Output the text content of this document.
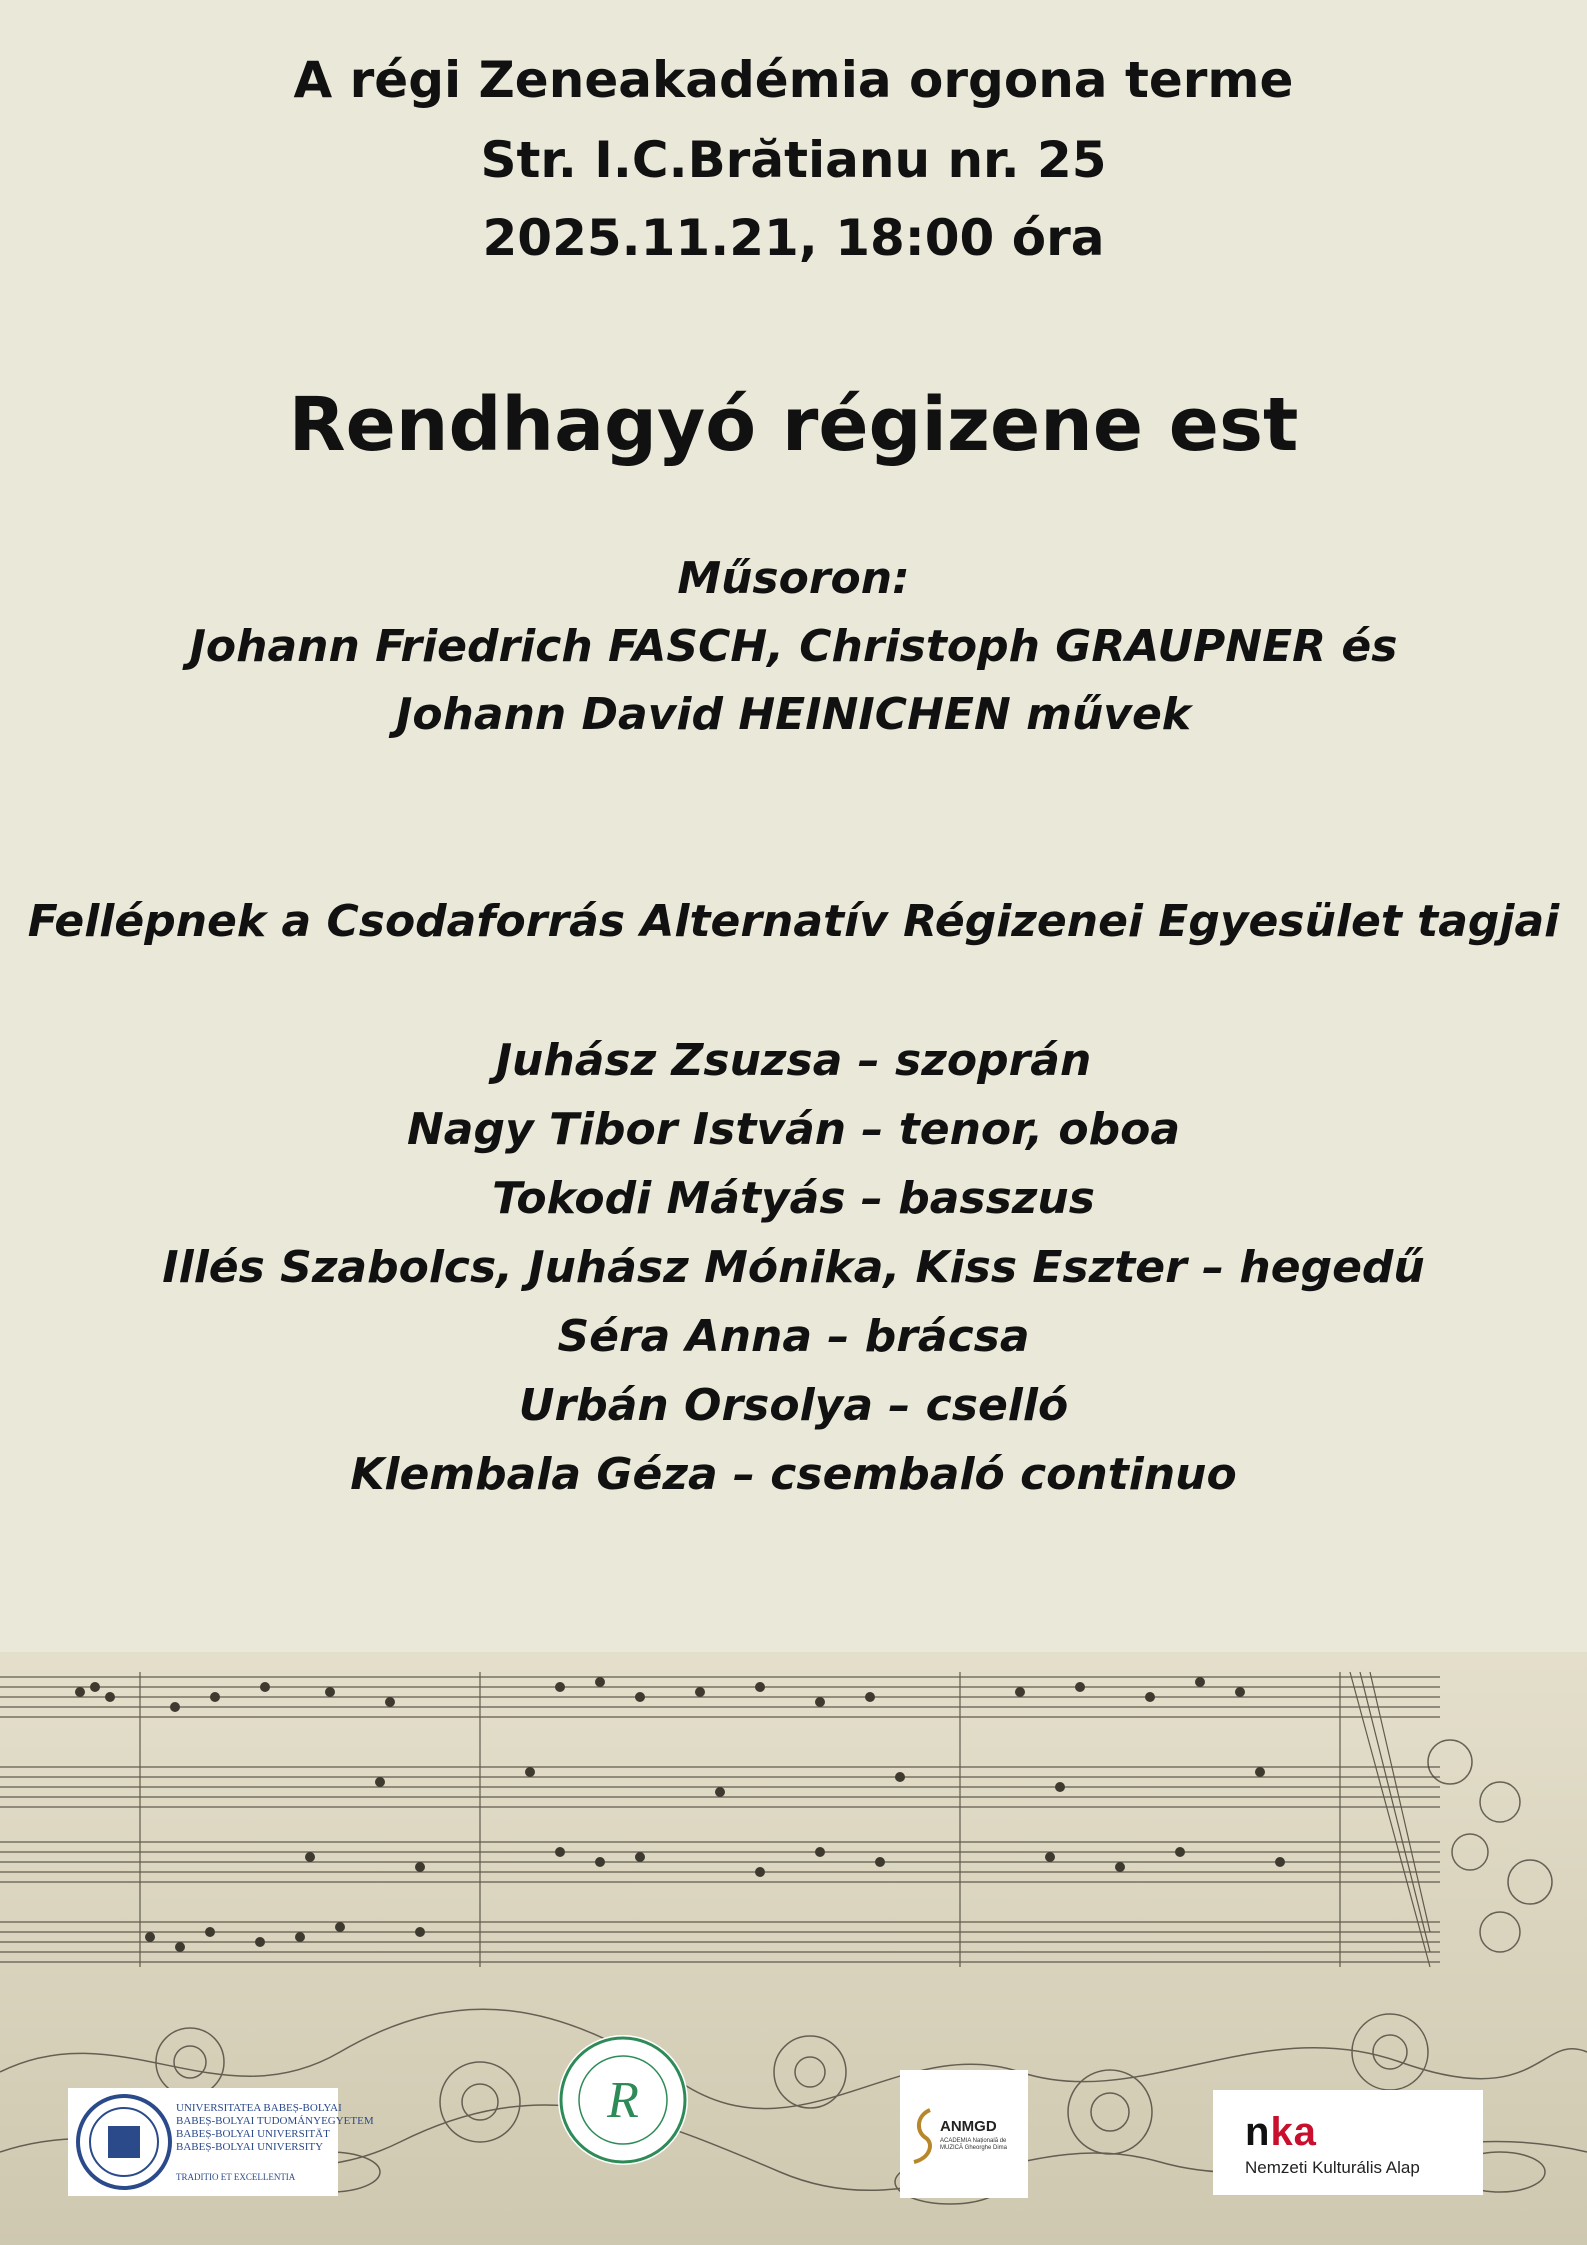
A régi Zeneakadémia orgona terme

Str. I.C.Brătianu nr. 25

2025.11.21, 18:00 óra

Rendhagyó régizene est

Műsoron:

Johann Friedrich FASCH, Christoph GRAUPNER és

Johann David HEINICHEN művek

Fellépnek a Csodaforrás Alternatív Régizenei Egyesület tagjai

Juhász Zsuzsa – szoprán
Nagy Tibor István – tenor, oboa
Tokodi Mátyás – basszus
Illés Szabolcs, Juhász Mónika, Kiss Eszter – hegedű
Séra Anna – brácsa
Urbán Orsolya – cselló
Klembala Géza – csembaló continuo
UNIVERSITATEA BABEȘ-BOLYAI
BABEȘ-BOLYAI TUDOMÁNYEGYETEM
BABEȘ-BOLYAI UNIVERSITÄT
BABEȘ-BOLYAI UNIVERSITY
TRADITIO ET EXCELLENTIA
R	ANMGD
ACADEMIA Națională de MUZICĂ Gheorghe Dima	nka
Nemzeti Kulturális Alap
